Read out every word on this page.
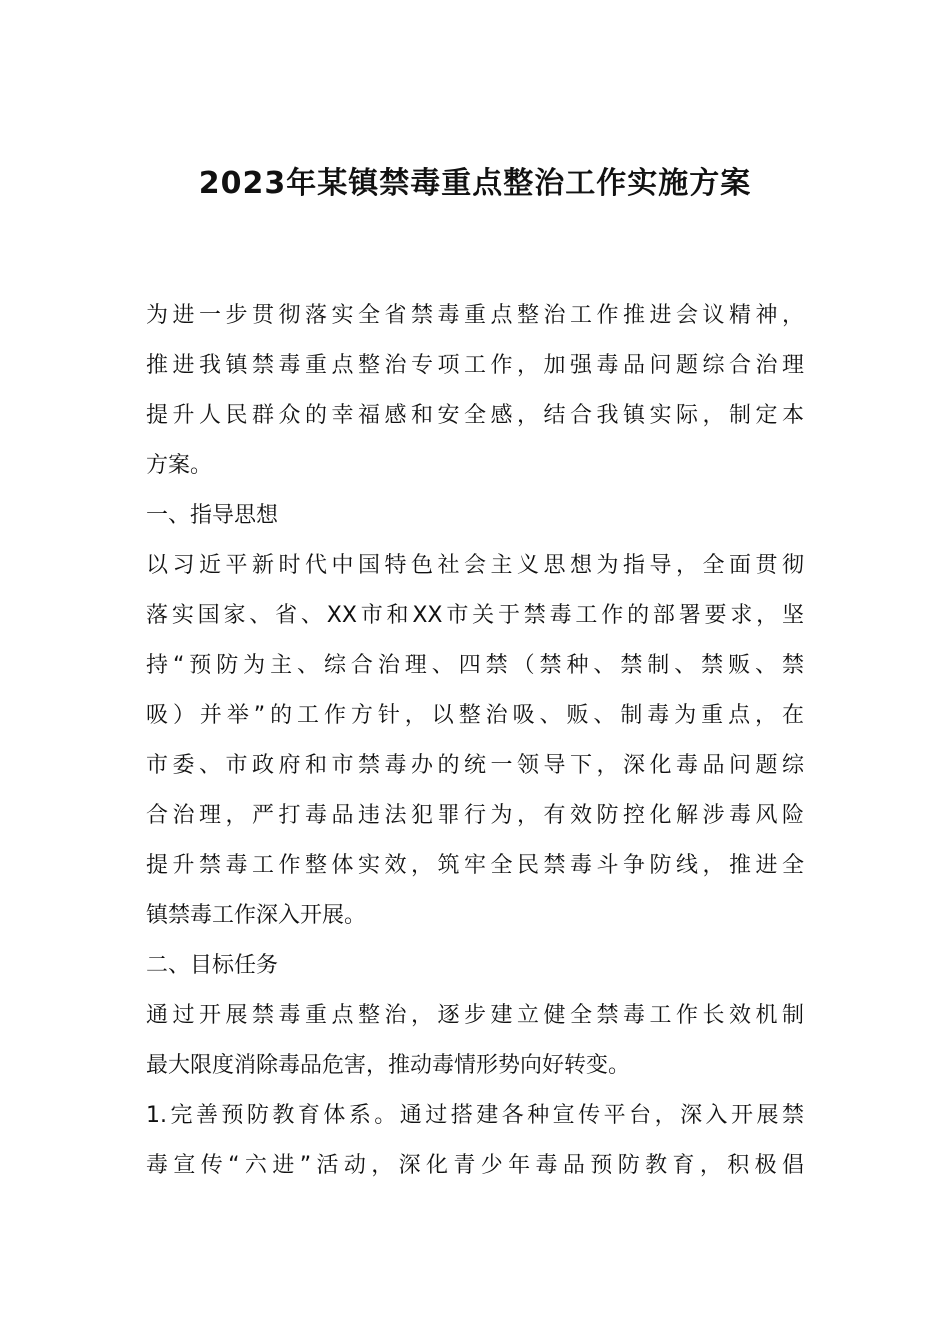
2023年某镇禁毒重点整治工作实施方案
为进一步贯彻落实全省禁毒重点整治工作推进会议精神，
推进我镇禁毒重点整治专项工作，加强毒品问题综合治理
提升人民群众的幸福感和安全感，结合我镇实际，制定本
方案。
一、指导思想
以习近平新时代中国特色社会主义思想为指导，全面贯彻
落实国家、省、XX市和XX市关于禁毒工作的部署要求，坚
持“预防为主、综合治理、四禁（禁种、禁制、禁贩、禁
吸）并举”的工作方针，以整治吸、贩、制毒为重点，在
市委、市政府和市禁毒办的统一领导下，深化毒品问题综
合治理，严打毒品违法犯罪行为，有效防控化解涉毒风险
提升禁毒工作整体实效，筑牢全民禁毒斗争防线，推进全
镇禁毒工作深入开展。
二、目标任务
通过开展禁毒重点整治，逐步建立健全禁毒工作长效机制
最大限度消除毒品危害，推动毒情形势向好转变。
1.完善预防教育体系。通过搭建各种宣传平台，深入开展禁
毒宣传“六进”活动，深化青少年毒品预防教育，积极倡
